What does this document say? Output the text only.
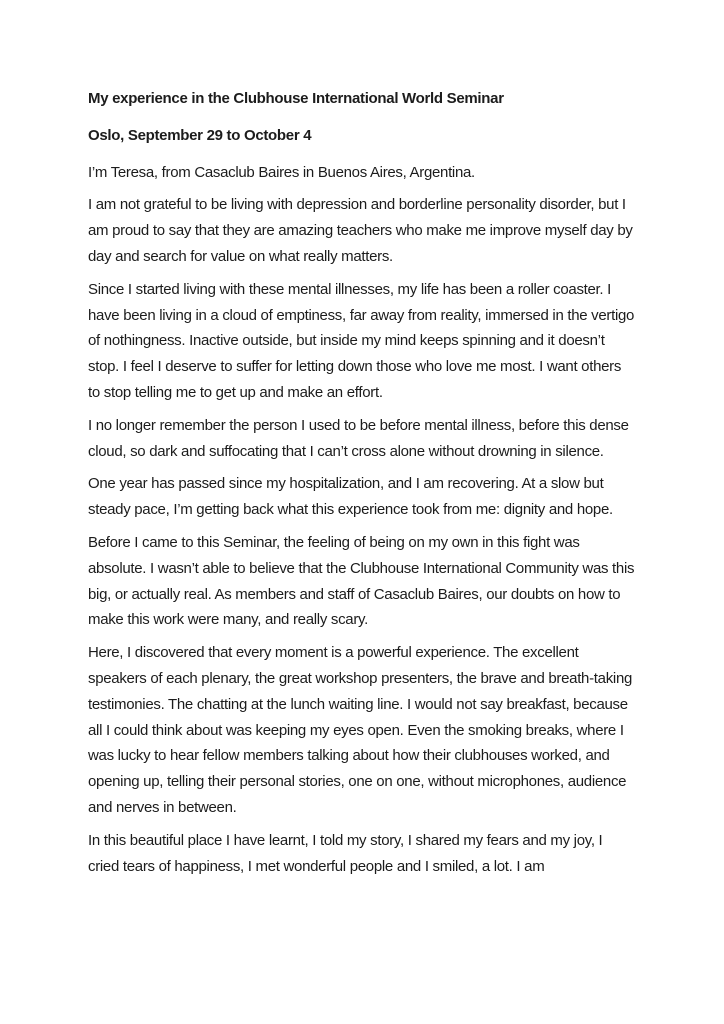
My experience in the Clubhouse International World Seminar
Oslo, September 29 to October 4

I’m Teresa, from Casaclub Baires in Buenos Aires, Argentina.

I am not grateful to be living with depression and borderline personality disorder, but I am proud to say that they are amazing teachers who make me improve myself day by day and search for value on what really matters.

Since I started living with these mental illnesses, my life has been a roller coaster. I have been living in a cloud of emptiness, far away from reality, immersed in the vertigo of nothingness. Inactive outside, but inside my mind keeps spinning and it doesn’t stop. I feel I deserve to suffer for letting down those who love me most. I want others to stop telling me to get up and make an effort.

I no longer remember the person I used to be before mental illness, before this dense cloud, so dark and suffocating that I can’t cross alone without drowning in silence.

One year has passed since my hospitalization, and I am recovering. At a slow but steady pace, I’m getting back what this experience took from me: dignity and hope.

Before I came to this Seminar, the feeling of being on my own in this fight was absolute. I wasn’t able to believe that the Clubhouse International Community was this big, or actually real. As members and staff of Casaclub Baires, our doubts on how to make this work were many, and really scary.

Here, I discovered that every moment is a powerful experience. The excellent speakers of each plenary, the great workshop presenters, the brave and breath-taking testimonies. The chatting at the lunch waiting line. I would not say breakfast, because all I could think about was keeping my eyes open. Even the smoking breaks, where I was lucky to hear fellow members talking about how their clubhouses worked, and opening up, telling their personal stories, one on one, without microphones, audience and nerves in between.

In this beautiful place I have learnt, I told my story, I shared my fears and my joy, I cried tears of happiness, I met wonderful people and I smiled, a lot. I am
